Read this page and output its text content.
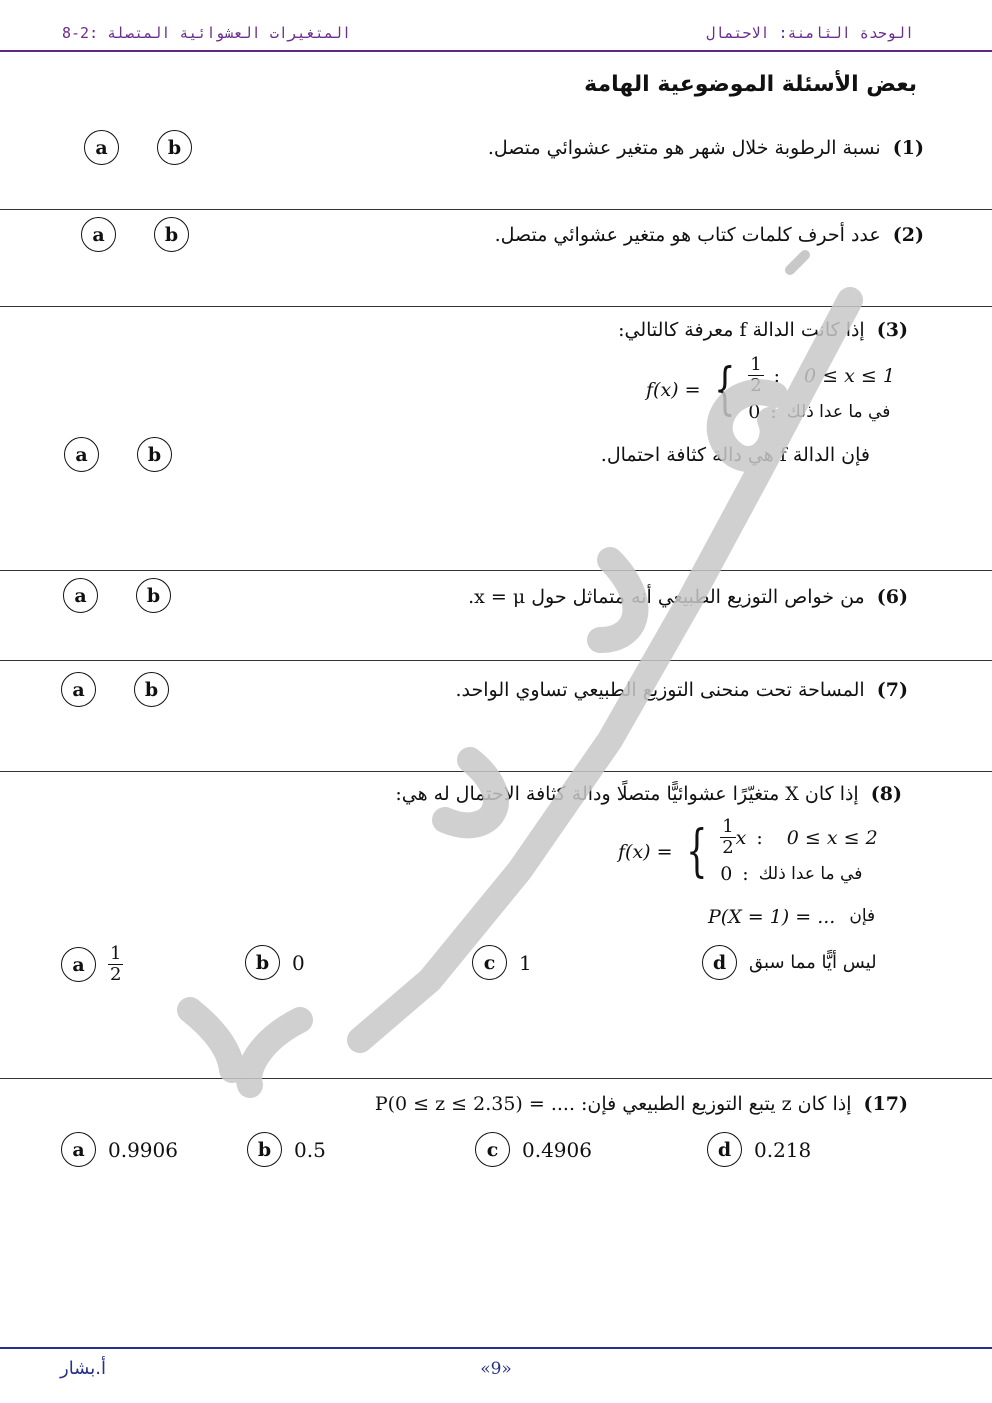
8-2: المتغيرات العشوائية المتصلة	الوحدة الثامنة: الاحتمال
بعض الأسئلة الموضوعية الهامة
(1) نسبة الرطوبة خلال شهر هو متغير عشوائي متصل.
a	b
(2) عدد أحرف كلمات كتاب هو متغير عشوائي متصل.
a	b
(3) إذا كانت الدالة f معرفة كالتالي:
f(x) = { $\frac{1}{2}$ : 0 ≤ x ≤ 1
0 : في ما عدا ذلك
فإن الدالة f هي دالة كثافة احتمال.
a	b
(6) من خواص التوزيع الطبيعي أنه متماثل حول x = μ.
a	b
(7) المساحة تحت منحنى التوزيع الطبيعي تساوي الواحد.
a	b
(8) إذا كان X متغيّرًا عشوائيًّا متصلًا ودالة كثافة الاحتمال له هي:
f(x) = { $\frac{1}{2}$ x : 0 ≤ x ≤ 2
0 : في ما عدا ذلك
P(X = 1) = ... فإن
a	$\frac{1}{2}$	b	0	c	1	d	ليس أيًّا مما سبق
(17) إذا كان z يتبع التوزيع الطبيعي فإن: .... = P(0 ≤ z ≤ 2.35)
a	0.9906	b	0.5	c	0.4906	d	0.218
أ.بشار	«9»
